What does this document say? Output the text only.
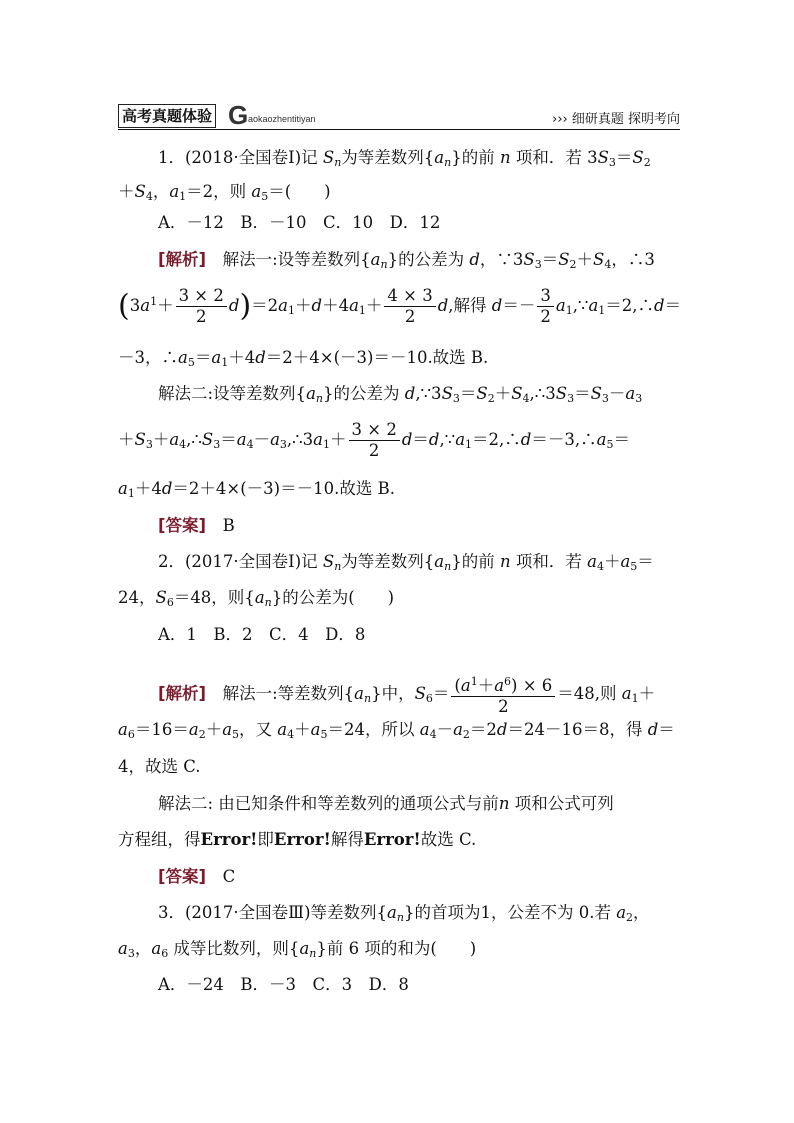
高考真题体验 G aokaozhentitiyan	››› 细研真题 探明考向
1．(2018·全国卷Ⅰ)记 $S_n$为等差数列$\{a_n\}$的前 n 项和．若 $3S_3=S_2$
$+S_4$，$a_1=2$，则 $a_5=$(　　)
A．－12　B．－10　C．10　D．12
[解析]　解法一:设等差数列$\{a_n\}$的公差为 d，$\because 3S_3=S_2+S_4$，∴3
$(3a^1+ \frac{3 \times 2}{2} d)=2a_1+d+4a_1+ \frac{4 \times 3}{2} d$,解得 $d=- \frac{3}{2}$ $a_1,\because a_1=2,\therefore d=$
－3，$\therefore a_5=a_1+4d=2+4\times(-3)=-10$.故选 B.
解法二:设等差数列$\{a_n\}$的公差为 $d,\because 3S_3=S_2+S_4,\therefore 3S_3=S_3-a_3$
$+S_3+a_4,\therefore S_3=a_4-a_3,\therefore 3a_1+ \frac{3 \times 2}{2}$ $d=d,\because a_1=2,\therefore d=-3,\therefore a_5=$
$a_1+4d=2+4\times(-3)=-10$.故选 B.
[答案]　 B
2．(2017·全国卷Ⅰ)记 $S_n$为等差数列$\{a_n\}$的前 n 项和．若 $a_4+a_5=$
24，$S_6=48$，则$\{a_n\}$的公差为(　　)
A．1　B．2　C．4　D．8
[解析]　解法一:等差数列$\{a_n\}$中，$S_6= \frac{(a^1+a^6) \times 6}{2} =48$,则 $a_1+$
$a_6=16=a_2+a_5$，又 $a_4+a_5=24$，所以 $a_4-a_2=2d=24-16=8$，得 d＝
4，故选 C.
解法二: 由已知条件和等差数列的通项公式与前n 项和公式可列
方程组，得Error!即Error!解得Error!故选 C.
[答案]　 C
3．(2017·全国卷Ⅲ)等差数列$\{a_n\}$的首项为1，公差不为 0.若 $a_2$，
$a_3$，$a_6$ 成等比数列，则$\{a_n\}$前 6 项的和为(　　)
A．－24　B．－3　C．3　D．8
